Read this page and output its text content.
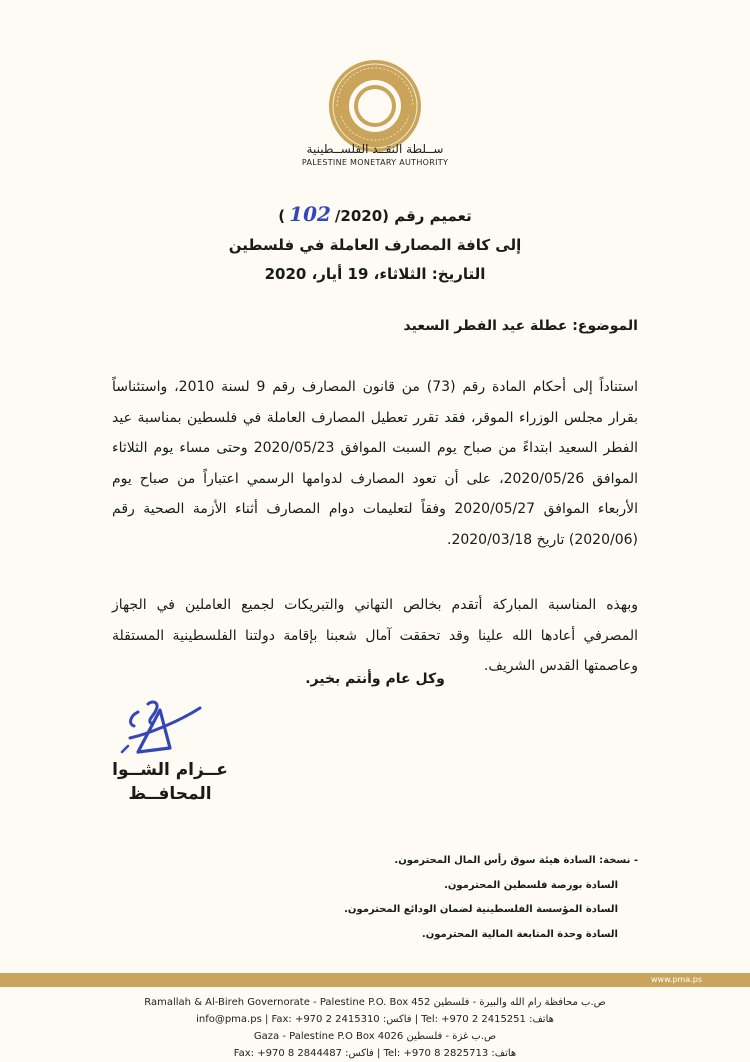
ســلطة النقــد الفلســطينية
PALESTINE MONETARY AUTHORITY
تعميم رقم (102/2020)
إلى كافة المصارف العاملة في فلسطين
التاريخ: الثلاثاء، 19 أيار، 2020
الموضوع: عطلة عيد الفطر السعيد
استناداً إلى أحكام المادة رقم (73) من قانون المصارف رقم 9 لسنة 2010، واستئناساً بقرار مجلس الوزراء الموقر، فقد تقرر تعطيل المصارف العاملة في فلسطين بمناسبة عيد الفطر السعيد ابتداءً من صباح يوم السبت الموافق 2020/05/23 وحتى مساء يوم الثلاثاء الموافق 2020/05/26، على أن تعود المصارف لدوامها الرسمي اعتباراً من صباح يوم الأربعاء الموافق 2020/05/27 وفقاً لتعليمات دوام المصارف أثناء الأزمة الصحية رقم (2020/06) تاريخ 2020/03/18.
وبهذه المناسبة المباركة أتقدم بخالص التهاني والتبريكات لجميع العاملين في الجهاز المصرفي أعادها الله علينا وقد تحققت آمال شعبنا بإقامة دولتنا الفلسطينية المستقلة وعاصمتها القدس الشريف.
وكل عام وأنتم بخير.
عــزام الشــوا
المحافــظ
- نسخة: السادة هيئة سوق رأس المال المحترمون.
السادة بورصة فلسطين المحترمون.
السادة المؤسسة الفلسطينية لضمان الودائع المحترمون.
السادة وحدة المتابعة المالية المحترمون.
www.pma.ps
Ramallah & Al-Bireh Governorate - Palestine P.O. Box 452 ص.ب محافظة رام الله والبيرة - فلسطين
info@pma.ps | Fax: +970 2 2415310 :فاكس | Tel: +970 2 2415251 :هاتف
Gaza - Palestine P.O Box 4026 ص.ب غزة - فلسطين
Fax: +970 8 2844487 :فاكس | Tel: +970 8 2825713 :هاتف
